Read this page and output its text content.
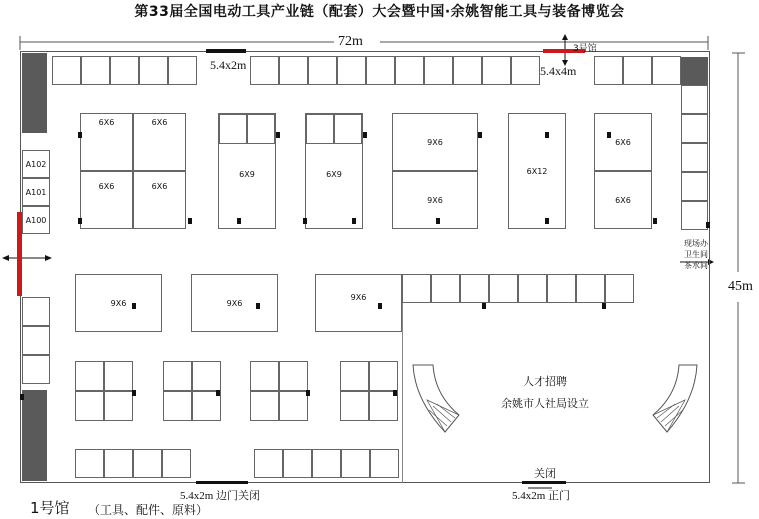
第33届全国电动工具产业链（配套）大会暨中国·余姚智能工具与装备博览会
72m
45m
5.4x2m	5.4x4m
3号馆
现场办
卫生间
茶水间
A102
A101
A100
6X6	6X6
6X6	6X6
6X9	6X9
9X6
9X6
6X12
6X6
6X6
9X6	9X6
9X6
人才招聘
余姚市人社局设立
5.4x2m 边门关闭
关闭
5.4x2m 正门
1号馆 （工具、配件、原料）
